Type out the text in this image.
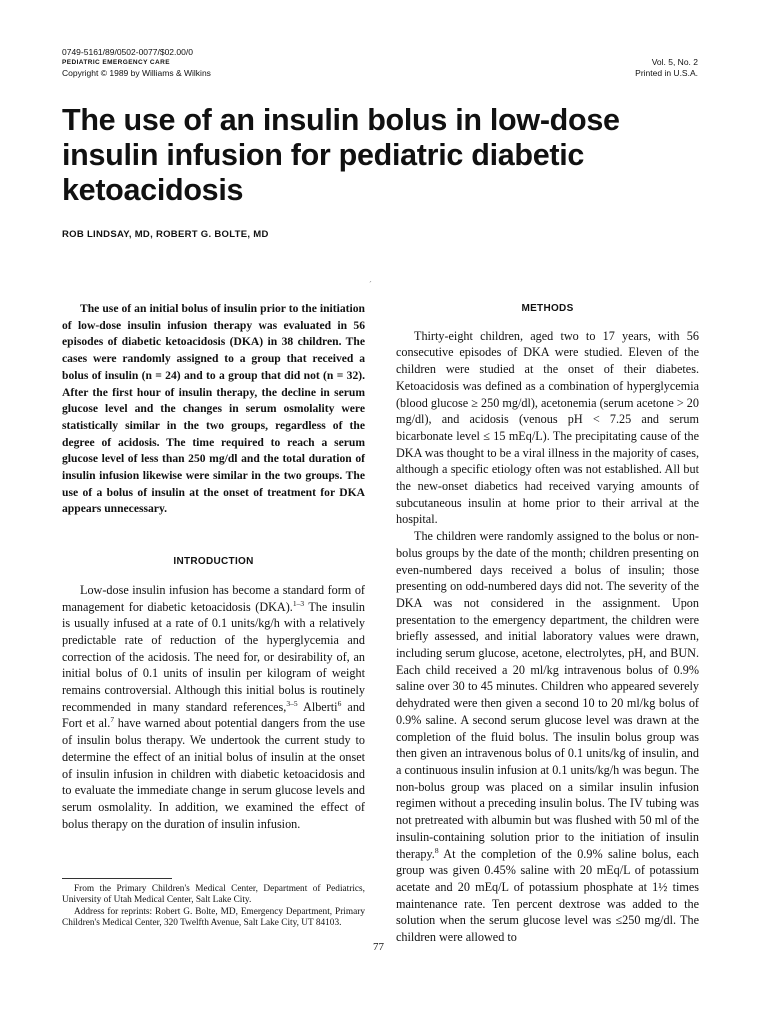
0749-5161/89/0502-0077/$02.00/0
PEDIATRIC EMERGENCY CARE
Copyright © 1989 by Williams & Wilkins
Vol. 5, No. 2
Printed in U.S.A.
The use of an insulin bolus in low-dose insulin infusion for pediatric diabetic ketoacidosis
ROB LINDSAY, MD, ROBERT G. BOLTE, MD
´

The use of an initial bolus of insulin prior to the initiation of low-dose insulin infusion therapy was evaluated in 56 episodes of diabetic ketoacidosis (DKA) in 38 children. The cases were randomly assigned to a group that received a bolus of insulin (n = 24) and to a group that did not (n = 32). After the first hour of insulin therapy, the decline in serum glucose level and the changes in serum osmolality were statistically similar in the two groups, regardless of the degree of acidosis. The time required to reach a serum glucose level of less than 250 mg/dl and the total duration of insulin infusion likewise were similar in the two groups. The use of a bolus of insulin at the onset of treatment for DKA appears unnecessary.

INTRODUCTION

Low-dose insulin infusion has become a standard form of management for diabetic ketoacidosis (DKA).$^{1-3}$ The insulin is usually infused at a rate of 0.1 units/kg/h with a relatively predictable rate of reduction of the hyperglycemia and correction of the acidosis. The need for, or desirability of, an initial bolus of 0.1 units of insulin per kilogram of weight remains controversial. Although this initial bolus is routinely recommended in many standard references,$^{3-5}$ Alberti$^6$ and Fort et al.$^7$ have warned about potential dangers from the use of insulin bolus therapy. We undertook the current study to determine the effect of an initial bolus of insulin at the onset of insulin infusion in children with diabetic ketoacidosis and to evaluate the immediate change in serum glucose levels and serum osmolality. In addition, we examined the effect of bolus therapy on the duration of insulin infusion.

From the Primary Children's Medical Center, Department of Pediatrics, University of Utah Medical Center, Salt Lake City.

Address for reprints: Robert G. Bolte, MD, Emergency Department, Primary Children's Medical Center, 320 Twelfth Avenue, Salt Lake City, UT 84103.

77
METHODS

Thirty-eight children, aged two to 17 years, with 56 consecutive episodes of DKA were studied. Eleven of the children were studied at the onset of their diabetes. Ketoacidosis was defined as a combination of hyperglycemia (blood glucose ≥ 250 mg/dl), acetonemia (serum acetone > 20 mg/dl), and acidosis (venous pH < 7.25 and serum bicarbonate level ≤ 15 mEq/L). The precipitating cause of the DKA was thought to be a viral illness in the majority of cases, although a specific etiology often was not established. All but the new-onset diabetics had received varying amounts of subcutaneous insulin at home prior to their arrival at the hospital.

The children were randomly assigned to the bolus or non-bolus groups by the date of the month; children presenting on even-numbered days received a bolus of insulin; those presenting on odd-numbered days did not. The severity of the DKA was not considered in the assignment. Upon presentation to the emergency department, the children were briefly assessed, and initial laboratory values were drawn, including serum glucose, acetone, electrolytes, pH, and BUN. Each child received a 20 ml/kg intravenous bolus of 0.9% saline over 30 to 45 minutes. Children who appeared severely dehydrated were then given a second 10 to 20 ml/kg bolus of 0.9% saline. A second serum glucose level was drawn at the completion of the fluid bolus. The insulin bolus group was then given an intravenous bolus of 0.1 units/kg of insulin, and a continuous insulin infusion at 0.1 units/kg/h was begun. The non-bolus group was placed on a similar insulin infusion regimen without a preceding insulin bolus. The IV tubing was not pretreated with albumin but was flushed with 50 ml of the insulin-containing solution prior to the initiation of insulin therapy.$^8$ At the completion of the 0.9% saline bolus, each group was given 0.45% saline with 20 mEq/L of potassium acetate and 20 mEq/L of potassium phosphate at 1½ times maintenance rate. Ten percent dextrose was added to the solution when the serum glucose level was ≤250 mg/dl. The children were allowed to
